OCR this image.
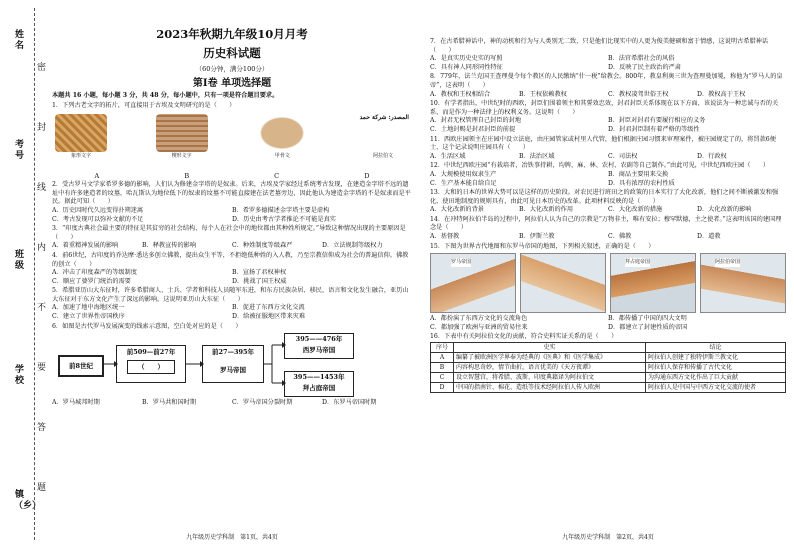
姓名
考号
班级
学校
镇（乡）
密
封
线
内
不
要
答
题
2023年秋期九年级10月月考
历史科试题
（60分钟，满分100分）
第Ⅰ卷 单项选择题
本题共 16 小题，每小题 3 分，共 48 分，每小题中，只有一项是符合题目要求。
1．下列古老文字的拓片，可直接用于古埃及文明研究的是（　　）
象形文字	楔形文字	甲骨文
المصدر: شركة حمد
阿拉伯文
A	B	C	D
2．受古罗马文学家希罗多德的影响，人们认为修建金字塔的是奴隶。后来，古埃及学家经过系统考古发现，在建造金字塔不远的遗址中有许多建造者的坟墓，哈瓦斯认为地位低下的奴隶的坟墓不可能直接建在法老墓旁边，因此他认为建造金字塔的不是奴隶而是平民。据此可知（　　）
A．历史因时代久远变得扑朔迷离	B．希罗多德描述金字塔主要是虚构
C．考古发现可以弥补文献的不足	D．历史由考古学者推论不可能是真实
3．“印度古典社会最主要的特征是其贫穷的社会结构，每个人在社会中的地位都由其种姓所规定。”导致这种情况出现的主要原因是（　　）
A．着重精神发展的影响	B．释教宣传的影响	C．种姓制度等级森严	D．立法规制等级权力
4．前6世纪，古印度的乔达摩·悉达多创立佛教，提出众生平等，不拒绝低种姓的入人教，乃至宗教信仰成为社会的普遍信仰。佛教的创立（　　）
A．冲击了印度森严的等级制度	B．宣扬了君权神权
C．顺应了婆罗门统治的需要	D．挑战了国王权威
5．希腊亚历山大东征时，许多希腊商人、士兵、学者和科技人员随军东进，和东方民族杂居、移民，语言和文化发生融合，亚历山大东征对于东方文化产生了深远的影响。这说明亚历山大东征（　　）
A．加速了地中海地区统一	B．促进了东西方文化交流
C．建立了世界性帝国秩序	D．给被征服地区带来灾难
6．如图是古代罗马发展演变的线索示意图，空白处对应的是（　　）
前8世纪
前509—前27年
（　　）
前27—395年
罗马帝国
395——476年
西罗马帝国
395——1453年
拜占庭帝国
A．罗马城邦时期	B．罗马共和国时期	C．罗马帝国分裂时期	D．东罗马帝国时期
九年级历史学科制　第1页，共4页
7．在古希腊神话中，神的动机和行为与人类别无二致，只是他们比现实中的人更为俊美健硕和富于情感，这说明古希腊神话（　　）
A．是真实历史史实的写照	B．法官希腊社会的风俗
C．具有神人同形同性特征	D．反映了民主政治的严肃
8．779年，法兰克国王查理曼令每个教区的人民缴纳“什一税”给教会。800年，教皇利奥三世为查理曼加冕，称他为“罗马人的皇帝”，这表明（　　）
A．教权和王权相结合	B．王权依赖教权	C．教权凌驾世俗王权	D．教权高于王权
10．有学者指出，中世纪时的西欧，封臣们围着领主和其誓效忠效，封君封臣关系体现在以下方面，该说法为一种忠诚与否的关系，而是作为一种法律上的权利义务。这说明（　　）
A．封君无权管理自己封臣的封地	B．封臣对封君有要履行相应的义务
C．土地封赐是封君封臣的前提	D．封君封臣制有着严格的等级性
11．西欧庄园领主在庄园中设立法庭，由庄园管家或村里人代管，他们根据庄园习惯来审理案件，被庄园规定了的，将罚款6便士，这个记录说明庄园具有（　　）
A．生活区域	B．法治区域	C．司法权	D．行政权
12．中世纪西欧庄园“有栽培者，冶铁事持耕，均牌，麻、林、农村、农副等自己制作。”由此可见，中世纪西欧庄园（　　）
A．大规模使用奴隶生产	B．商品主要用来交换
C．生产基本能自给自足	D．具有浓厚的农村性质
13．大和的日本的世界大势可以是这样的历史阶段。对农民进行班田之的政策的日本实行了大化改新，他们之间不断被激发和强化，使田地制度的规则具有，由此可见日本历史的改革。此项材料反映的是（　　）
A．大化改新的背景	B．大化改新的作用	C．大化改新的措施	D．大化改新的影响
14．在冲特阿拉伯半岛的过程中，阿拉伯人认为自己的宗教是“万物非主，唯有安拉；穆罕默德，主之使者。”这表明该国的建国理念是（　　）
A．基督教	B．伊斯兰教	C．佛教	D．道教
15．下图为世界古代地图和东罗马帝国的地图，下列相关叙述，正确的是（　　）
罗马帝国	拜占庭帝国	阿拉伯帝国
A．都扮演了东西方文化的交流角色	B．都传播了中国的四大文明
C．都加强了欧洲与亚洲的贸易往来	D．都建立了封建性质的帝国
16．下表中有关阿拉伯文化的贡献，符合史料实证关系的是（　　）
序号	史实	结论
A	编纂了被欧洲医学界奉为经典的《医典》和《医学集成》	阿拉伯人创建了独特伊斯兰教文化
B	内容构思奇妙，情节曲折，语言优美的《天方夜谭》	阿拉伯人保存和传播了古代文化
C	设立智慧宫，将希腊、波斯、印度典籍译为阿拉伯文	为沟通东西方文化作出了巨大贡献
D	中国的指南针、棉花、造纸等技术经阿拉伯人传入欧洲	阿拉伯人是中国与中西方文化交流的使者
九年级历史学科制　第2页，共4页
